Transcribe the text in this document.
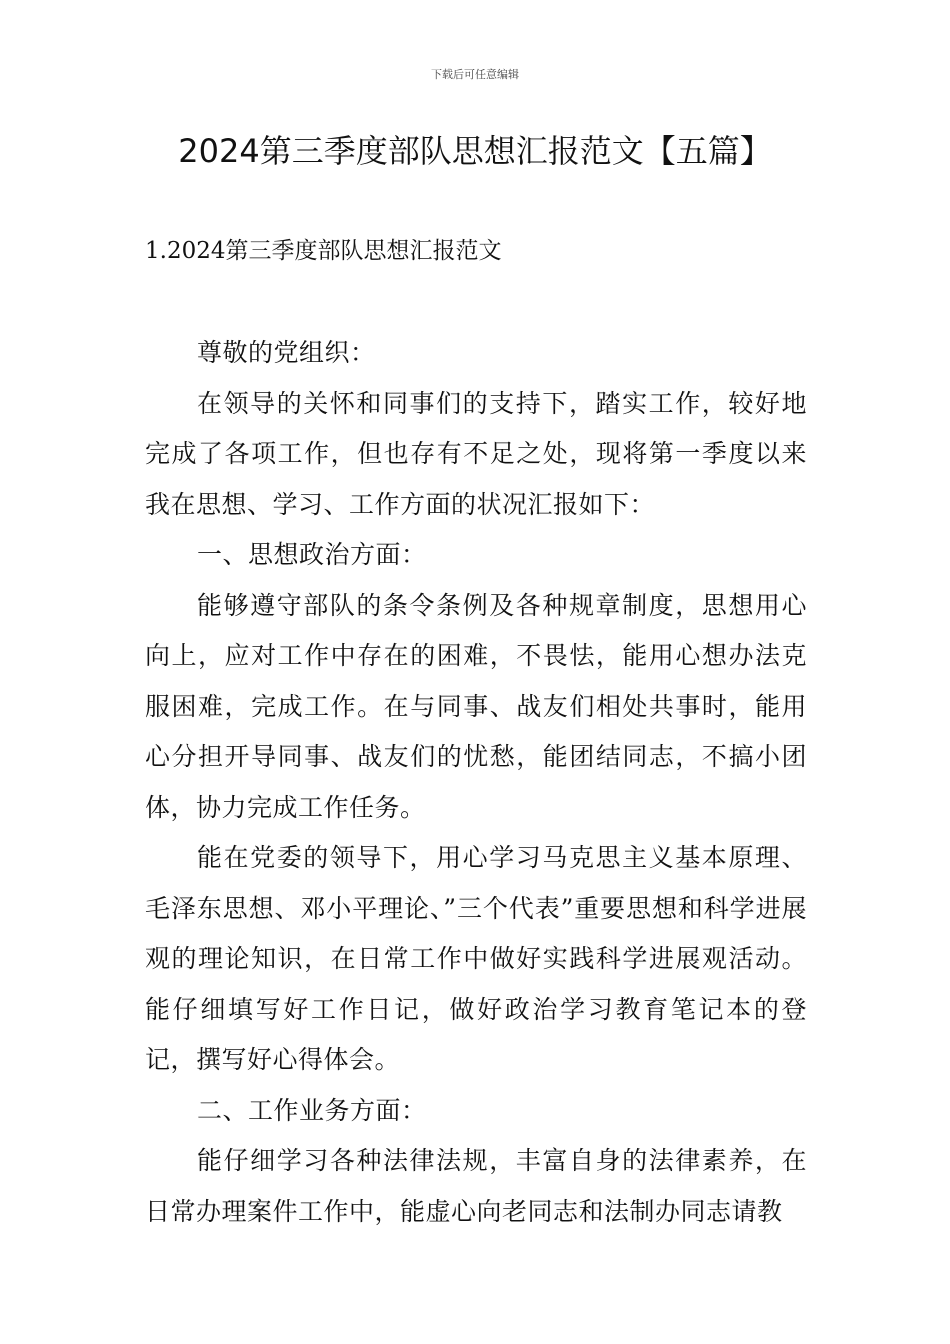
下载后可任意编辑
2024第三季度部队思想汇报范文【五篇】
1.2024第三季度部队思想汇报范文

尊敬的党组织：

在领导的关怀和同事们的支持下，踏实工作，较好地完成了各项工作，但也存有不足之处，现将第一季度以来我在思想、学习、工作方面的状况汇报如下：

一、思想政治方面：

能够遵守部队的条令条例及各种规章制度，思想用心向上，应对工作中存在的困难，不畏怯，能用心想办法克服困难，完成工作。在与同事、战友们相处共事时，能用心分担开导同事、战友们的忧愁，能团结同志，不搞小团体，协力完成工作任务。

能在党委的领导下，用心学习马克思主义基本原理、毛泽东思想、邓小平理论、”三个代表”重要思想和科学进展观的理论知识，在日常工作中做好实践科学进展观活动。能仔细填写好工作日记，做好政治学习教育笔记本的登记，撰写好心得体会。

二、工作业务方面：

能仔细学习各种法律法规，丰富自身的法律素养，在日常办理案件工作中，能虚心向老同志和法制办同志请教
